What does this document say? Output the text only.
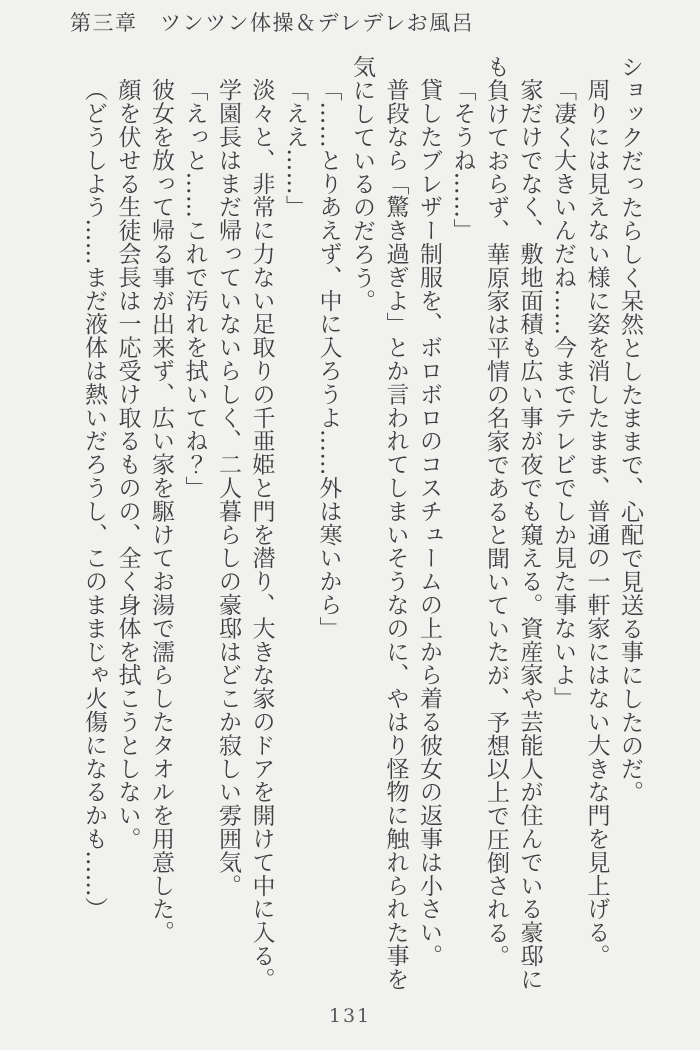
第三章　ツンツン体操＆デレデレお風呂

ショックだったらしく呆然としたままで、心配で見送る事にしたのだ。

周りには見えない様に姿を消したまま、普通の一軒家にはない大きな門を見上げる。

「凄く大きいんだね……今までテレビでしか見た事ないよ」

家だけでなく、敷地面積も広い事が夜でも窺える。資産家や芸能人が住んでいる豪邸にも負けておらず、華原家は平情の名家であると聞いていたが、予想以上で圧倒される。

「そうね……」

貸したブレザー制服を、ボロボロのコスチュームの上から着る彼女の返事は小さい。

普段なら「驚き過ぎよ」とか言われてしまいそうなのに、やはり怪物に触れられた事を気にしているのだろう。

「……とりあえず、中に入ろうよ……外は寒いから」

「ええ……」

淡々と、非常に力ない足取りの千亜姫と門を潜り、大きな家のドアを開けて中に入る。

学園長はまだ帰っていないらしく、二人暮らしの豪邸はどこか寂しい雰囲気。

「えっと……これで汚れを拭いてね？」

彼女を放って帰る事が出来ず、広い家を駆けてお湯で濡らしたタオルを用意した。

顔を伏せる生徒会長は一応受け取るものの、全く身体を拭こうとしない。

（どうしよう……まだ液体は熱いだろうし、このままじゃ火傷になるかも……）

131
